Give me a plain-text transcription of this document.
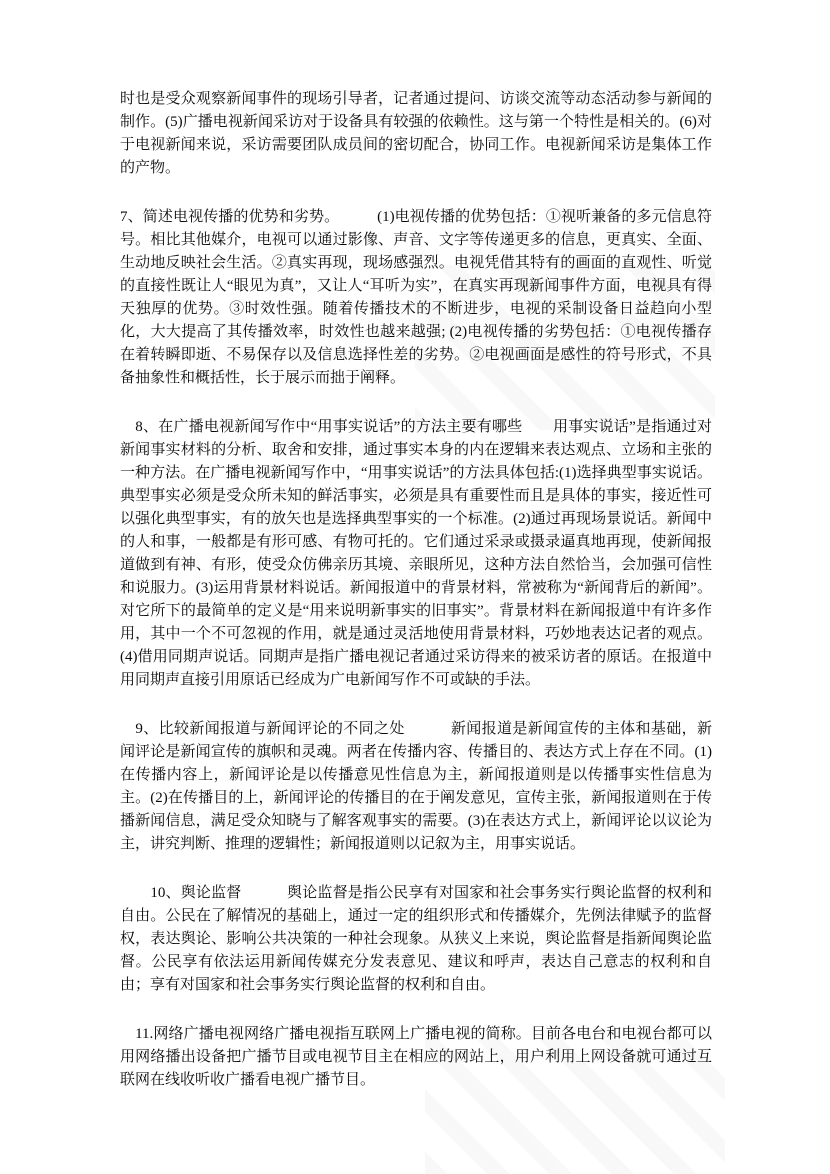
时也是受众观察新闻事件的现场引导者，记者通过提问、访谈交流等动态活动参与新闻的制作。(5)广播电视新闻采访对于设备具有较强的依赖性。这与第一个特性是相关的。(6)对于电视新闻来说，采访需要团队成员间的密切配合，协同工作。电视新闻采访是集体工作的产物。

7、简述电视传播的优势和劣势。　　　(1)电视传播的优势包括：①视听兼备的多元信息符号。相比其他媒介，电视可以通过影像、声音、文字等传递更多的信息，更真实、全面、生动地反映社会生活。②真实再现，现场感强烈。电视凭借其特有的画面的直观性、听觉的直接性既让人“眼见为真”，又让人“耳听为实”，在真实再现新闻事件方面，电视具有得天独厚的优势。③时效性强。随着传播技术的不断进步，电视的采制设备日益趋向小型化，大大提高了其传播效率，时效性也越来越强; (2)电视传播的劣势包括：①电视传播存在着转瞬即逝、不易保存以及信息选择性差的劣势。②电视画面是感性的符号形式，不具备抽象性和概括性，长于展示而拙于阐释。

　8、在广播电视新闻写作中“用事实说话”的方法主要有哪些　　用事实说话”是指通过对新闻事实材料的分析、取舍和安排，通过事实本身的内在逻辑来表达观点、立场和主张的一种方法。在广播电视新闻写作中，“用事实说话”的方法具体包括:(1)选择典型事实说话。典型事实必须是受众所未知的鲜活事实，必须是具有重要性而且是具体的事实，接近性可以强化典型事实，有的放矢也是选择典型事实的一个标准。(2)通过再现场景说话。新闻中的人和事，一般都是有形可感、有物可托的。它们通过采录或摄录逼真地再现，使新闻报道做到有神、有形，使受众仿佛亲历其境、亲眼所见，这种方法自然恰当，会加强可信性和说服力。(3)运用背景材料说话。新闻报道中的背景材料，常被称为“新闻背后的新闻”。对它所下的最简单的定义是“用来说明新事实的旧事实”。背景材料在新闻报道中有许多作用，其中一个不可忽视的作用，就是通过灵活地使用背景材料，巧妙地表达记者的观点。(4)借用同期声说话。同期声是指广播电视记者通过采访得来的被采访者的原话。在报道中用同期声直接引用原话已经成为广电新闻写作不可或缺的手法。

　9、比较新闻报道与新闻评论的不同之处　　　新闻报道是新闻宣传的主体和基础，新闻评论是新闻宣传的旗帜和灵魂。两者在传播内容、传播目的、表达方式上存在不同。(1)在传播内容上，新闻评论是以传播意见性信息为主，新闻报道则是以传播事实性信息为主。(2)在传播目的上，新闻评论的传播目的在于阐发意见，宣传主张，新闻报道则在于传播新闻信息，满足受众知晓与了解客观事实的需要。(3)在表达方式上，新闻评论以议论为主，讲究判断、推理的逻辑性；新闻报道则以记叙为主，用事实说话。

　　10、舆论监督　　　舆论监督是指公民享有对国家和社会事务实行舆论监督的权利和自由。公民在了解情况的基础上，通过一定的组织形式和传播媒介，先例法律赋予的监督权，表达舆论、影响公共决策的一种社会现象。从狭义上来说，舆论监督是指新闻舆论监督。公民享有依法运用新闻传媒充分发表意见、建议和呼声，表达自己意志的权利和自由；享有对国家和社会事务实行舆论监督的权利和自由。

　11.网络广播电视网络广播电视指互联网上广播电视的简称。目前各电台和电视台都可以用网络播出设备把广播节目或电视节目主在相应的网站上，用户利用上网设备就可通过互联网在线收听收广播看电视广播节目。
